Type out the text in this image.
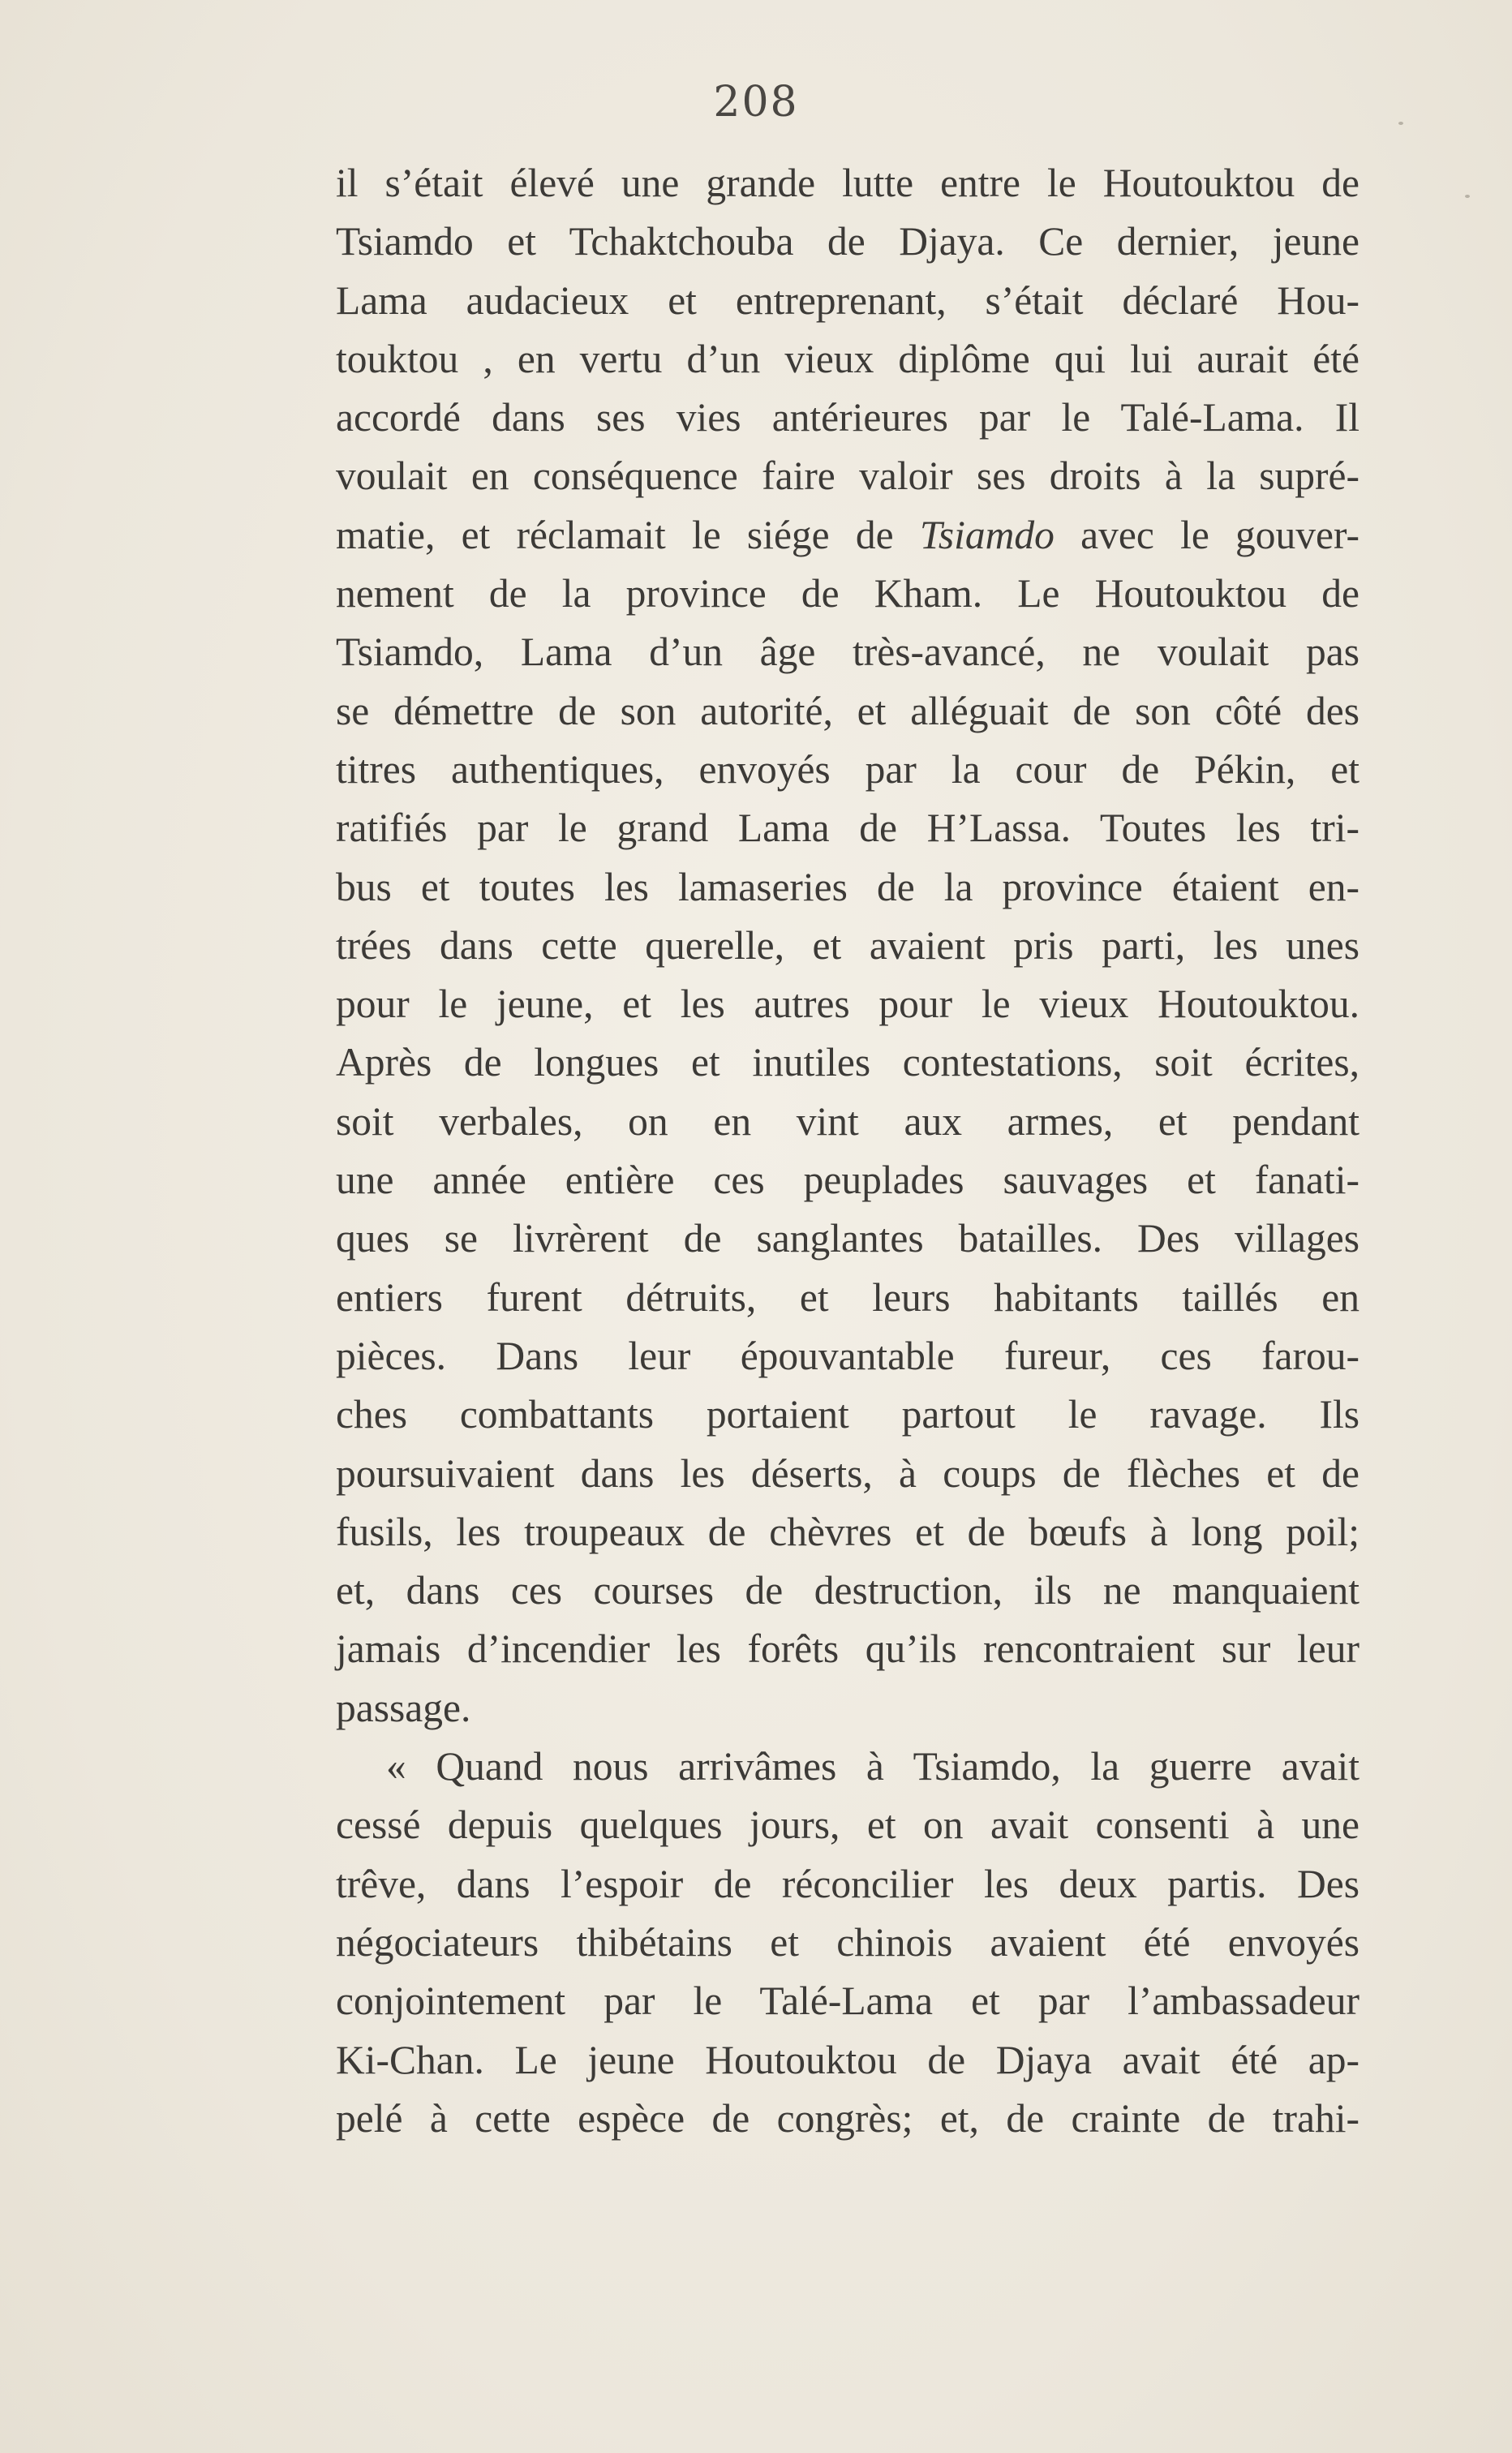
208
il s’était élevé une grande lutte entre le Houtouktou de
Tsiamdo et Tchaktchouba de Djaya. Ce dernier, jeune
Lama audacieux et entreprenant, s’était déclaré Hou-
touktou , en vertu d’un vieux diplôme qui lui aurait été
accordé dans ses vies antérieures par le Talé-Lama. Il
voulait en conséquence faire valoir ses droits à la supré-
matie, et réclamait le siége de Tsiamdo avec le gouver-
nement de la province de Kham. Le Houtouktou de
Tsiamdo, Lama d’un âge très-avancé, ne voulait pas
se démettre de son autorité, et alléguait de son côté des
titres authentiques, envoyés par la cour de Pékin, et
ratifiés par le grand Lama de H’Lassa. Toutes les tri-
bus et toutes les lamaseries de la province étaient en-
trées dans cette querelle, et avaient pris parti, les unes
pour le jeune, et les autres pour le vieux Houtouktou.
Après de longues et inutiles contestations, soit écrites,
soit verbales, on en vint aux armes, et pendant
une année entière ces peuplades sauvages et fanati-
ques se livrèrent de sanglantes batailles. Des villages
entiers furent détruits, et leurs habitants taillés en
pièces. Dans leur épouvantable fureur, ces farou-
ches combattants portaient partout le ravage. Ils
poursuivaient dans les déserts, à coups de flèches et de
fusils, les troupeaux de chèvres et de bœufs à long poil;
et, dans ces courses de destruction, ils ne manquaient
jamais d’incendier les forêts qu’ils rencontraient sur leur
passage.
« Quand nous arrivâmes à Tsiamdo, la guerre avait
cessé depuis quelques jours, et on avait consenti à une
trêve, dans l’espoir de réconcilier les deux partis. Des
négociateurs thibétains et chinois avaient été envoyés
conjointement par le Talé-Lama et par l’ambassadeur
Ki-Chan. Le jeune Houtouktou de Djaya avait été ap-
pelé à cette espèce de congrès; et, de crainte de trahi-
